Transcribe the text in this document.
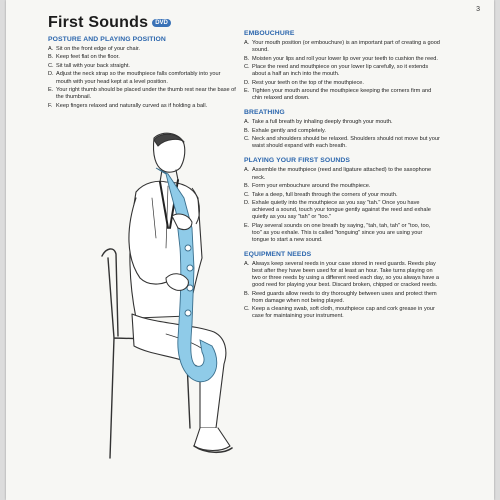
3
First Sounds	DVD
POSTURE AND PLAYING POSITION
A. Sit on the front edge of your chair.
B. Keep feet flat on the floor.
C. Sit tall with your back straight.
D. Adjust the neck strap so the mouthpiece falls comfortably into your mouth with your head kept at a level position.
E. Your right thumb should be placed under the thumb rest near the base of the thumbnail.
F. Keep fingers relaxed and naturally curved as if holding a ball.
EMBOUCHURE
A. Your mouth position (or embouchure) is an important part of creating a good sound.
B. Moisten your lips and roll your lower lip over your teeth to cushion the reed.
C. Place the reed and mouthpiece on your lower lip carefully, so it extends about a half an inch into the mouth.
D. Rest your teeth on the top of the mouthpiece.
E. Tighten your mouth around the mouthpiece keeping the corners firm and chin relaxed and down.
BREATHING
A. Take a full breath by inhaling deeply through your mouth.
B. Exhale gently and completely.
C. Neck and shoulders should be relaxed. Shoulders should not move but your waist should expand with each breath.
PLAYING YOUR FIRST SOUNDS
A. Assemble the mouthpiece (reed and ligature attached) to the saxophone neck.
B. Form your embouchure around the mouthpiece.
C. Take a deep, full breath through the corners of your mouth.
D. Exhale quietly into the mouthpiece as you say "tah." Once you have achieved a sound, touch your tongue gently against the reed and exhale quietly as you say "tah" or "too."
E. Play several sounds on one breath by saying, "tah, tah, tah" or "too, too, too" as you exhale. This is called "tonguing" since you are using your tongue to start a new sound.
EQUIPMENT NEEDS
A. Always keep several reeds in your case stored in reed guards. Reeds play best after they have been used for at least an hour. Take turns playing on two or three reeds by using a different reed each day, so you always have a good reed for playing your best. Discard broken, chipped or cracked reeds.
B. Reed guards allow reeds to dry thoroughly between uses and protect them from damage when not being played.
C. Keep a cleaning swab, soft cloth, mouthpiece cap and cork grease in your case for maintaining your instrument.
